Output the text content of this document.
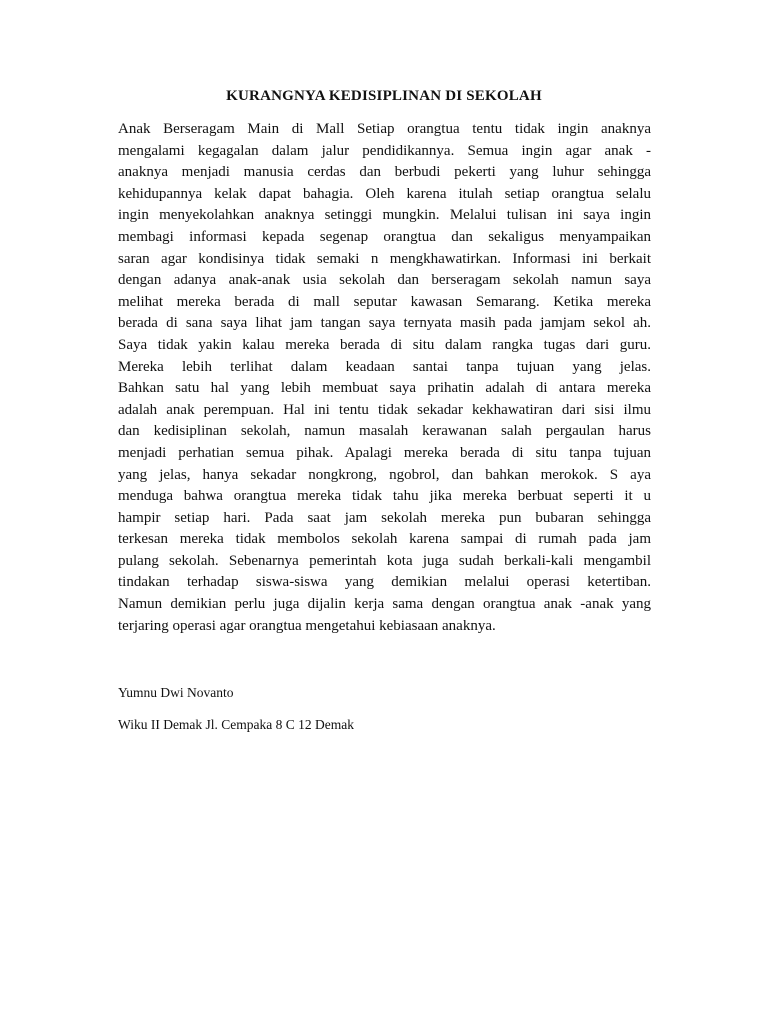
KURANGNYA KEDISIPLINAN DI SEKOLAH
Anak Berseragam Main di Mall Setiap orangtua tentu tidak ingin anaknya
mengalami kegagalan dalam jalur pendidikannya. Semua ingin agar anak -
anaknya menjadi manusia cerdas dan berbudi pekerti yang luhur sehingga
kehidupannya kelak dapat bahagia. Oleh karena itulah setiap orangtua selalu
ingin menyekolahkan anaknya setinggi mungkin. Melalui tulisan ini saya ingin
membagi informasi kepada segenap orangtua dan sekaligus menyampaikan
saran agar kondisinya tidak semaki n mengkhawatirkan. Informasi ini berkait
dengan adanya anak-anak usia sekolah dan berseragam sekolah namun saya
melihat mereka berada di mall seputar kawasan Semarang. Ketika mereka
berada di sana saya lihat jam tangan saya ternyata masih pada jamjam sekol ah.
Saya tidak yakin kalau mereka berada di situ dalam rangka tugas dari guru.
Mereka lebih terlihat dalam keadaan santai tanpa tujuan yang jelas.
Bahkan satu hal yang lebih membuat saya prihatin adalah di antara mereka
adalah anak perempuan. Hal ini tentu tidak sekadar kekhawatiran dari sisi ilmu
dan kedisiplinan sekolah, namun masalah kerawanan salah pergaulan harus
menjadi perhatian semua pihak. Apalagi mereka berada di situ tanpa tujuan
yang jelas, hanya sekadar nongkrong, ngobrol, dan bahkan merokok. S aya
menduga bahwa orangtua mereka tidak tahu jika mereka berbuat seperti it u
hampir setiap hari. Pada saat jam sekolah mereka pun bubaran sehingga
terkesan mereka tidak membolos sekolah karena sampai di rumah pada jam
pulang sekolah. Sebenarnya pemerintah kota juga sudah berkali-kali mengambil
tindakan terhadap siswa-siswa yang demikian melalui operasi ketertiban.
Namun demikian perlu juga dijalin kerja sama dengan orangtua anak -anak yang
terjaring operasi agar orangtua mengetahui kebiasaan anaknya.
Yumnu Dwi Novanto
Wiku II Demak Jl. Cempaka 8 C 12 Demak
